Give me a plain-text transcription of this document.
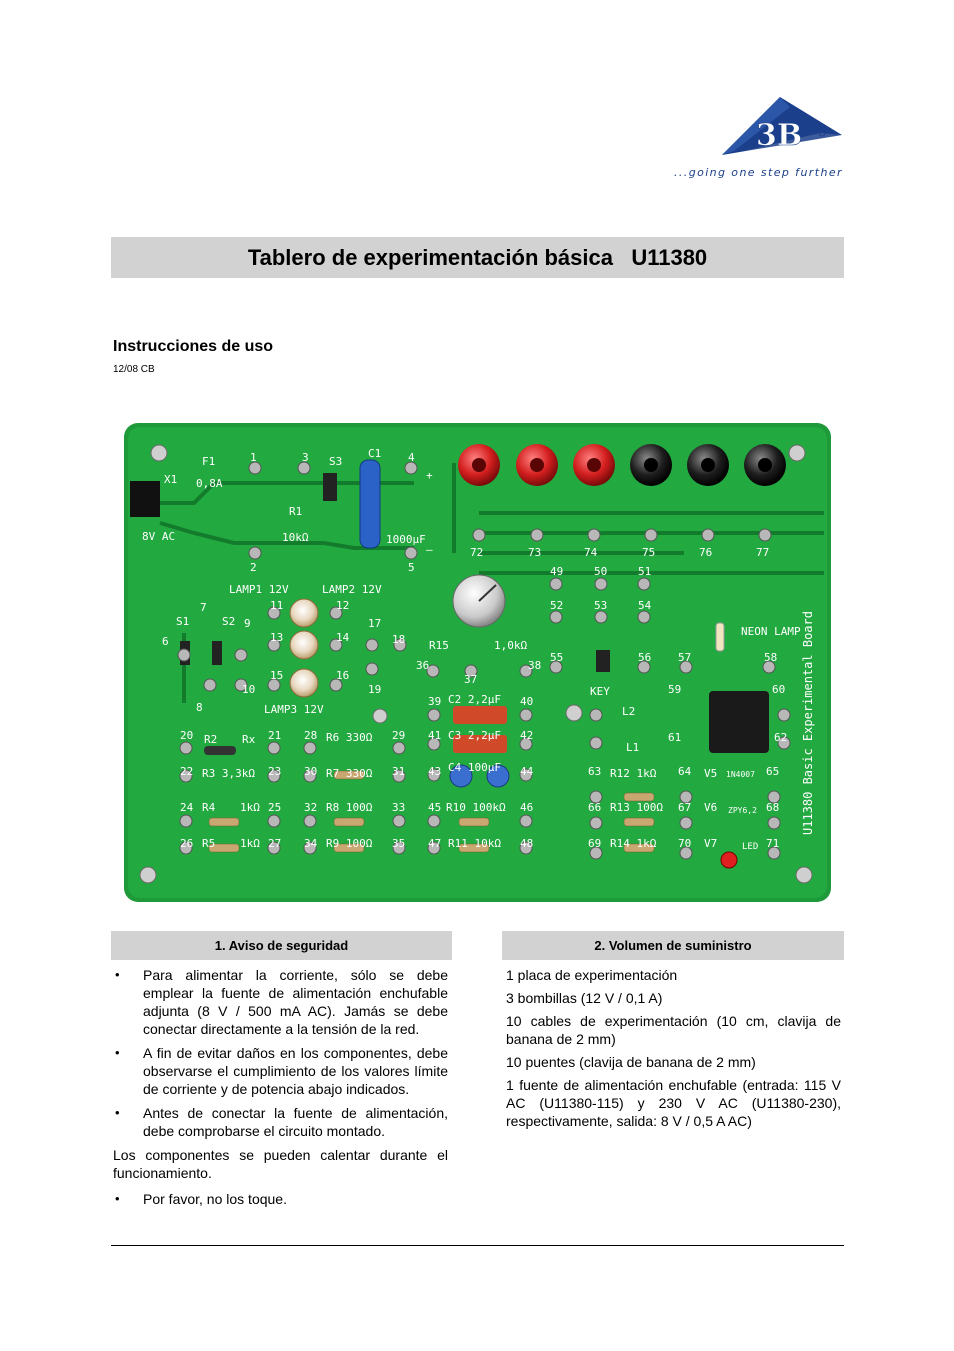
3B
...going one step further
Tablero de experimentación básica   U11380
Instrucciones de uso
12/08 CB
X1
F1
0,8A
8V AC
S3
C1
R1
10kΩ	1000µF
LAMP1 12V	LAMP2 12V
LAMP3 12V
S1	S2
R15	1,0kΩ
KEY
NEON LAMP
L2
L1
R2 Rx
R3 3,3kΩ
R4 1kΩ
R5 1kΩ
R6 330Ω
R7 330Ω
R8 100Ω
R9 100Ω
C2 2,2µF
C3 2,2µF
C4 100µF
R10 100kΩ
R11 10kΩ
R12 1kΩ
R13 100Ω
R14 1kΩ
V5
V6
V7
1N4007
ZPY6,2
LED
+
–
U11380 Basic Experimental Board
1
2
3	4
5
6
7
8
9
10
11	12
13	14
15	16
17
18
19
20	21
22	23
24	25
26	27
28	29
30	31
32	33
34	35
36
37
38
39	40
41	42
43	44
45	46
47	48
49	50	51
52	53	54
55	56 57	58
59	60
61	62
63	64	65
66	67	68
69	70	71
72	73	74	75	76	77
1. Aviso de seguridad
•	Para alimentar la corriente, sólo se debe emplear la fuente de alimentación enchufable adjunta (8 V / 500 mA AC). Jamás se debe conectar directamente a la tensión de la red.
•	A fin de evitar daños en los componentes, debe observarse el cumplimiento de los valores límite de corriente y de potencia abajo indicados.
•	Antes de conectar la fuente de alimentación, debe comprobarse el circuito montado.
Los componentes se pueden calentar durante el funcionamiento.
•	Por favor, no los toque.
2. Volumen de suministro
1 placa de experimentación
3 bombillas (12 V / 0,1 A)
10 cables de experimentación (10 cm, clavija de banana de 2 mm)
10 puentes (clavija de banana de 2 mm)
1 fuente de alimentación enchufable (entrada: 115 V AC (U11380-115) y 230 V AC (U11380-230), respectivamente, salida: 8 V / 0,5 A AC)
